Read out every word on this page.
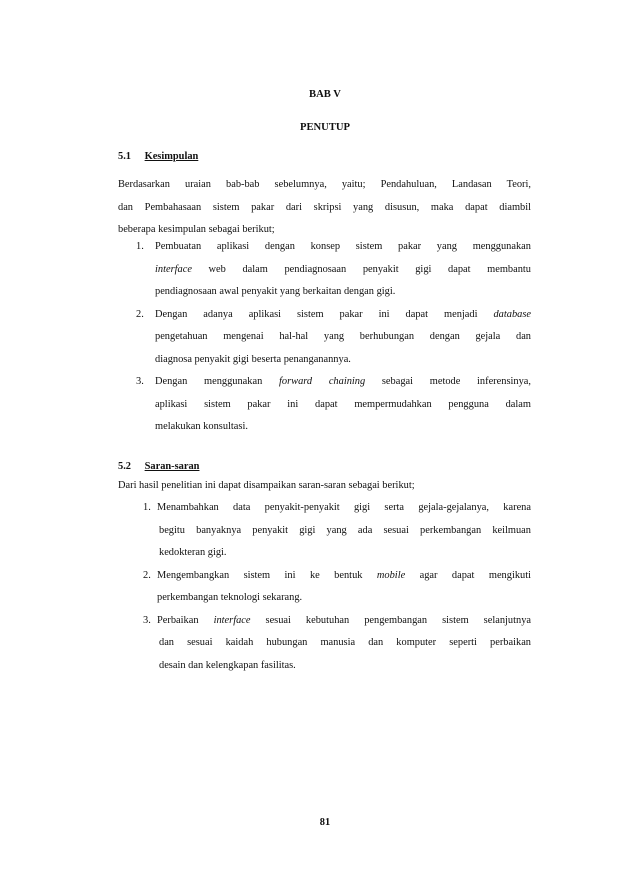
BAB V

PENUTUP

5.1 Kesimpulan

Berdasarkan uraian bab-bab sebelumnya, yaitu; Pendahuluan, Landasan Teori,
dan Pembahasaan sistem pakar dari skripsi yang disusun, maka dapat diambil
beberapa kesimpulan sebagai berikut;
1. Pembuatan aplikasi dengan konsep sistem pakar yang menggunakan
interface web dalam pendiagnosaan penyakit gigi dapat membantu
pendiagnosaan awal penyakit yang berkaitan dengan gigi.
2. Dengan adanya aplikasi sistem pakar ini dapat menjadi database
pengetahuan mengenai hal-hal yang berhubungan dengan gejala dan
diagnosa penyakit gigi beserta penanganannya.
3. Dengan menggunakan forward chaining sebagai metode inferensinya,
aplikasi sistem pakar ini dapat mempermudahkan pengguna dalam
melakukan konsultasi.

5.2 Saran-saran

Dari hasil penelitian ini dapat disampaikan saran-saran sebagai berikut;

1. Menambahkan data penyakit-penyakit gigi serta gejala-gejalanya, karena
begitu banyaknya penyakit gigi yang ada sesuai perkembangan keilmuan
kedokteran gigi.
2. Mengembangkan sistem ini ke bentuk mobile agar dapat mengikuti
perkembangan teknologi sekarang.
3. Perbaikan interface sesuai kebutuhan pengembangan sistem selanjutnya
dan sesuai kaidah hubungan manusia dan komputer seperti perbaikan
desain dan kelengkapan fasilitas.
81
